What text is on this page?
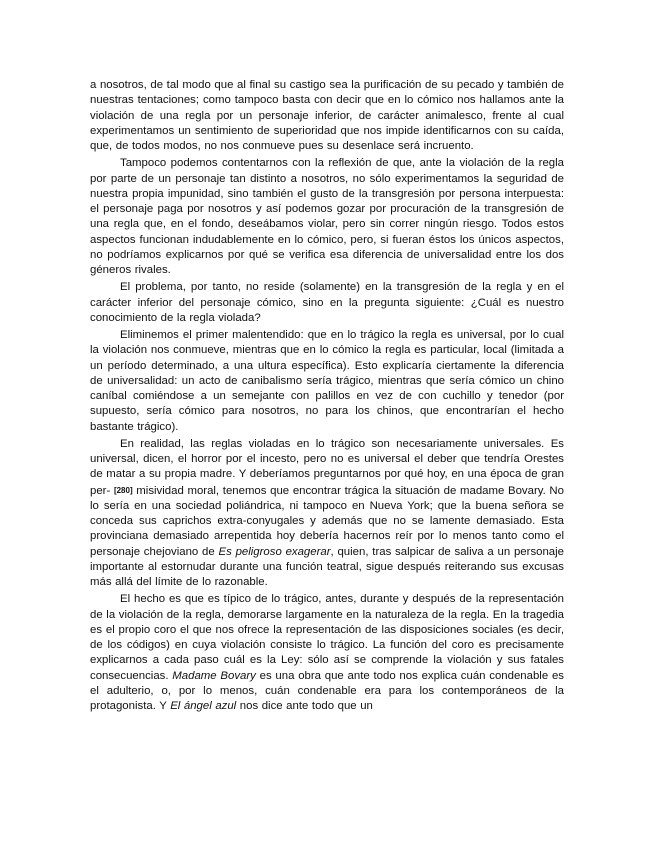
a nosotros, de tal modo que al final su castigo sea la purificación de su pecado y también de nuestras tentaciones; como tampoco basta con decir que en lo cómico nos hallamos ante la violación de una regla por un personaje inferior, de carácter animalesco, frente al cual experimentamos un sentimiento de superioridad que nos impide identificarnos con su caída, que, de todos modos, no nos conmueve pues su desenlace será incruento.

Tampoco podemos contentarnos con la reflexión de que, ante la violación de la regla por parte de un personaje tan distinto a nosotros, no sólo experimentamos la seguridad de nuestra propia impunidad, sino también el gusto de la transgresión por persona interpuesta: el personaje paga por nosotros y así podemos gozar por procuración de la transgresión de una regla que, en el fondo, deseábamos violar, pero sin correr ningún riesgo. Todos estos aspectos funcionan indudablemente en lo cómico, pero, si fueran éstos los únicos aspectos, no podríamos explicarnos por qué se verifica esa diferencia de universalidad entre los dos géneros rivales.

El problema, por tanto, no reside (solamente) en la transgresión de la regla y en el carácter inferior del personaje cómico, sino en la pregunta siguiente: ¿Cuál es nuestro conocimiento de la regla violada?

Eliminemos el primer malentendido: que en lo trágico la regla es universal, por lo cual la violación nos conmueve, mientras que en lo cómico la regla es particular, local (limitada a un período determinado, a una ultura específica). Esto explicaría ciertamente la diferencia de universalidad: un acto de canibalismo sería trágico, mientras que sería cómico un chino caníbal comiéndose a un semejante con palillos en vez de con cuchillo y tenedor (por supuesto, sería cómico para nosotros, no para los chinos, que encontrarían el hecho bastante trágico).

En realidad, las reglas violadas en lo trágico son necesariamente universales. Es universal, dicen, el horror por el incesto, pero no es universal el deber que tendría Orestes de matar a su propia madre. Y deberíamos preguntarnos por qué hoy, en una época de gran per- [280] misividad moral, tenemos que encontrar trágica la situación de madame Bovary. No lo sería en una sociedad poliándrica, ni tampoco en Nueva York; que la buena señora se conceda sus caprichos extra-conyugales y además que no se lamente demasiado. Esta provinciana demasiado arrepentida hoy debería hacernos reír por lo menos tanto como el personaje chejoviano de Es peligroso exagerar, quien, tras salpicar de saliva a un personaje importante al estornudar durante una función teatral, sigue después reiterando sus excusas más allá del límite de lo razonable.

El hecho es que es típico de lo trágico, antes, durante y después de la representación de la violación de la regla, demorarse largamente en la naturaleza de la regla. En la tragedia es el propio coro el que nos ofrece la representación de las disposiciones sociales (es decir, de los códigos) en cuya violación consiste lo trágico. La función del coro es precisamente explicarnos a cada paso cuál es la Ley: sólo así se comprende la violación y sus fatales consecuencias. Madame Bovary es una obra que ante todo nos explica cuán condenable es el adulterio, o, por lo menos, cuán condenable era para los contemporáneos de la protagonista. Y El ángel azul nos dice ante todo que un
